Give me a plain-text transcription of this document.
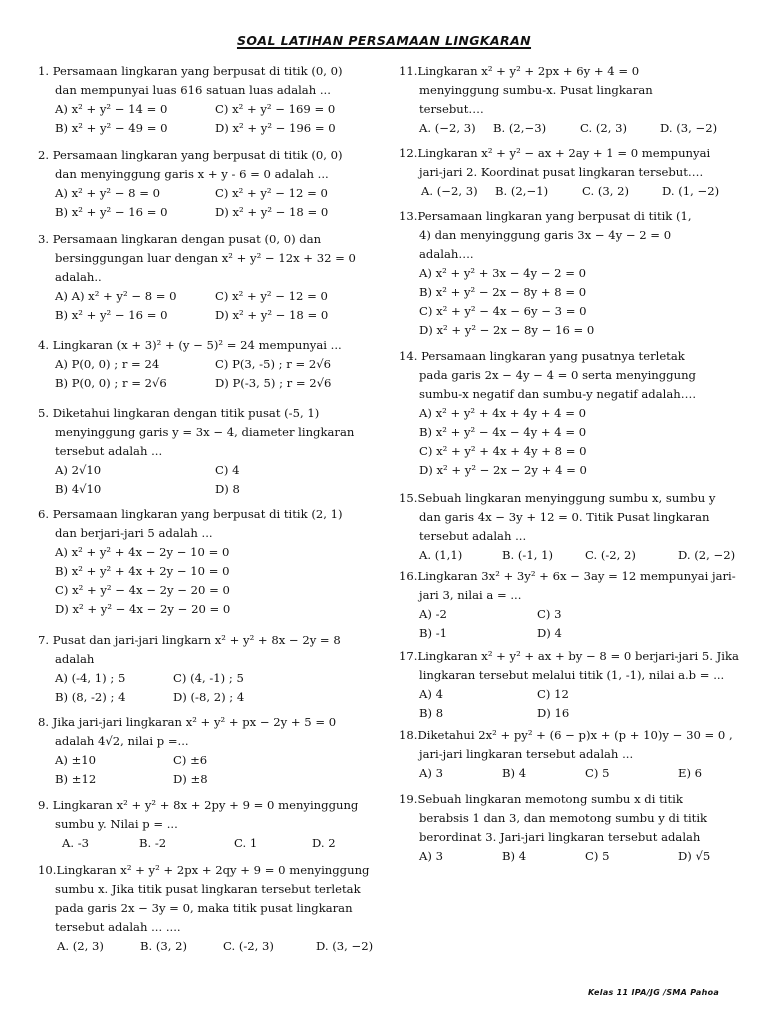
SOAL LATIHAN PERSAMAAN LINGKARAN
1. Persamaan lingkaran yang berpusat di titik (0, 0)
dan mempunyai luas 616 satuan luas adalah ...
A) x² + y² − 14 = 0	C) x² + y² − 169 = 0
B) x² + y² − 49 = 0	D) x² + y² − 196 = 0
2. Persamaan lingkaran yang berpusat di titik (0, 0)
dan menyinggung garis x + y - 6 = 0 adalah ...
A) x² + y² − 8 = 0	C) x² + y² − 12 = 0
B) x² + y² − 16 = 0	D) x² + y² − 18 = 0
3. Persamaan lingkaran dengan pusat (0, 0) dan
bersinggungan luar dengan x² + y² − 12x + 32 = 0
adalah..
A) A) x² + y² − 8 = 0	C) x² + y² − 12 = 0
B) x² + y² − 16 = 0	D) x² + y² − 18 = 0
4. Lingkaran (x + 3)² + (y − 5)² = 24 mempunyai ...
A) P(0, 0) ; r = 24	C) P(3, -5) ; r = 2√6
B) P(0, 0) ; r = 2√6	D) P(-3, 5) ; r = 2√6
5. Diketahui lingkaran dengan titik pusat (-5, 1)
menyinggung garis y = 3x − 4, diameter lingkaran
tersebut adalah ...
A) 2√10	C) 4
B) 4√10	D) 8
6. Persamaan lingkaran yang berpusat di titik (2, 1)
dan berjari-jari 5 adalah ...
A) x² + y² + 4x − 2y − 10 = 0
B) x² + y² + 4x + 2y − 10 = 0
C) x² + y² − 4x − 2y − 20 = 0
D) x² + y² − 4x − 2y − 20 = 0
7. Pusat dan jari-jari lingkarn x² + y² + 8x − 2y = 8
adalah
A) (-4, 1) ; 5	C) (4, -1) ; 5
B) (8, -2) ; 4	D) (-8, 2) ; 4
8. Jika jari-jari lingkaran x² + y² + px − 2y + 5 = 0
adalah 4√2, nilai p =...
A) ±10	C) ±6
B) ±12	D) ±8
9. Lingkaran x² + y² + 8x + 2py + 9 = 0 menyinggung
sumbu y. Nilai p = ...
A. -3	B. -2	C. 1	D. 2
10.Lingkaran x² + y² + 2px + 2qy + 9 = 0 menyinggung
sumbu x. Jika titik pusat lingkaran tersebut terletak
pada garis 2x − 3y = 0, maka titik pusat lingkaran
tersebut adalah ... ....
A. (2, 3)	B. (3, 2)	C. (-2, 3)	D. (3, −2)
11.Lingkaran x² + y² + 2px + 6y + 4 = 0
menyinggung sumbu-x. Pusat lingkaran
tersebut….
A. (−2, 3)	B. (2,−3)	C. (2, 3)	D. (3, −2)
12.Lingkaran x² + y² − ax + 2ay + 1 = 0 mempunyai
jari-jari 2. Koordinat pusat lingkaran tersebut….
A. (−2, 3)	B. (2,−1)	C. (3, 2)	D. (1, −2)
13.Persamaan lingkaran yang berpusat di titik (1,
4) dan menyinggung garis 3x − 4y − 2 = 0
adalah….
A) x² + y² + 3x − 4y − 2 = 0
B) x² + y² − 2x − 8y + 8 = 0
C) x² + y² − 4x − 6y − 3 = 0
D) x² + y² − 2x − 8y − 16 = 0
14. Persamaan lingkaran yang pusatnya terletak
pada garis 2x − 4y − 4 = 0 serta menyinggung
sumbu-x negatif dan sumbu-y negatif adalah….
A) x² + y² + 4x + 4y + 4 = 0
B) x² + y² − 4x − 4y + 4 = 0
C) x² + y² + 4x + 4y + 8 = 0
D) x² + y² − 2x − 2y + 4 = 0
15.Sebuah lingkaran menyinggung sumbu x, sumbu y
dan garis 4x − 3y + 12 = 0. Titik Pusat lingkaran
tersebut adalah ...
A. (1,1)	B. (-1, 1)	C. (-2, 2)	D. (2, −2)
16.Lingkaran 3x² + 3y² + 6x − 3ay = 12 mempunyai jari-
jari 3, nilai a = ...
A) -2	C) 3
B) -1	D) 4
17.Lingkaran x² + y² + ax + by − 8 = 0 berjari-jari 5. Jika
lingkaran tersebut melalui titik (1, -1), nilai a.b = ...
A) 4	C) 12
B) 8	D) 16
18.Diketahui 2x² + py² + (6 − p)x + (p + 10)y − 30 = 0 ,
jari-jari lingkaran tersebut adalah ...
A) 3	B) 4	C) 5	E) 6
19.Sebuah lingkaran memotong sumbu x di titik
berabsis 1 dan 3, dan memotong sumbu y di titik
berordinat 3. Jari-jari lingkaran tersebut adalah
A) 3	B) 4	C) 5	D) √5
Kelas 11 IPA/JG /SMA Pahoa
